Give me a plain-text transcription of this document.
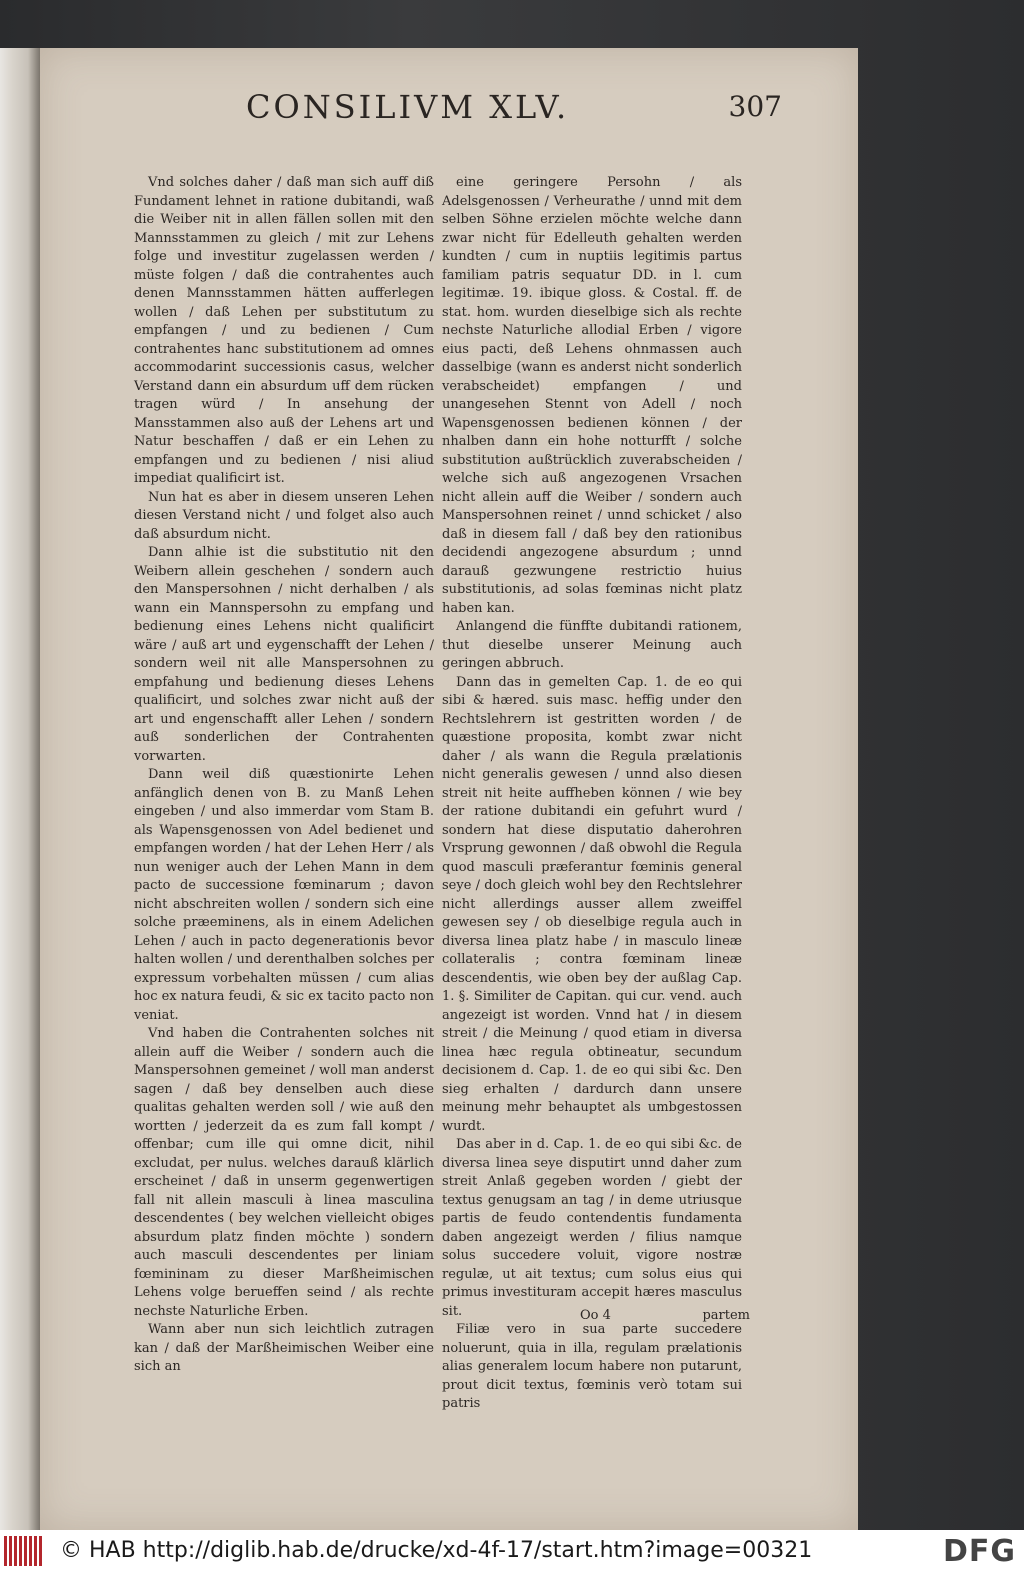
CONSILIVM XLV.	307

Vnd solches daher / daß man sich auff diß Fundament lehnet in ratione dubitandi, waß die Weiber nit in allen fällen sollen mit den Mannsstammen zu gleich / mit zur Lehens folge und investitur zugelassen werden / müste folgen / daß die contrahentes auch denen Mannsstammen hätten aufferlegen wollen / daß Lehen per substitutum zu empfangen / und zu bedienen / Cum contrahentes hanc substitutionem ad omnes accommodarint successionis casus, welcher Verstand dann ein absurdum uff dem rücken tragen würd / In ansehung der Mansstammen also auß der Lehens art und Natur beschaffen / daß er ein Lehen zu empfangen und zu bedienen / nisi aliud impediat qualificirt ist.

Nun hat es aber in diesem unseren Lehen diesen Verstand nicht / und folget also auch daß absurdum nicht.

Dann alhie ist die substitutio nit den Weibern allein geschehen / sondern auch den Manspersohnen / nicht derhalben / als wann ein Mannspersohn zu empfang und bedienung eines Lehens nicht qualificirt wäre / auß art und eygenschafft der Lehen / sondern weil nit alle Manspersohnen zu empfahung und bedienung dieses Lehens qualificirt, und solches zwar nicht auß der art und engenschafft aller Lehen / sondern auß sonderlichen der Contrahenten vorwarten.

Dann weil diß quæstionirte Lehen anfänglich denen von B. zu Manß Lehen eingeben / und also immerdar vom Stam B. als Wapensgenossen von Adel bedienet und empfangen worden / hat der Lehen Herr / als nun weniger auch der Lehen Mann in dem pacto de successione fœminarum ; davon nicht abschreiten wollen / sondern sich eine solche præeminens, als in einem Adelichen Lehen / auch in pacto degenerationis bevor halten wollen / und derenthalben solches per expressum vorbehalten müssen / cum alias hoc ex natura feudi, & sic ex tacito pacto non veniat.

Vnd haben die Contrahenten solches nit allein auff die Weiber / sondern auch die Manspersohnen gemeinet / woll man anderst sagen / daß bey denselben auch diese qualitas gehalten werden soll / wie auß den wortten / jederzeit da es zum fall kompt / offenbar; cum ille qui omne dicit, nihil excludat, per nulus. welches darauß klärlich erscheinet / daß in unserm gegenwertigen fall nit allein masculi à linea masculina descendentes ( bey welchen vielleicht obiges absurdum platz finden möchte ) sondern auch masculi descendentes per liniam fœmininam zu dieser Marßheimischen Lehens volge berueffen seind / als rechte nechste Naturliche Erben.

Wann aber nun sich leichtlich zutragen kan / daß der Marßheimischen Weiber eine sich an

eine geringere Persohn / als Adelsgenossen / Verheurathe / unnd mit dem selben Söhne erzielen möchte welche dann zwar nicht für Edelleuth gehalten werden kundten / cum in nuptiis legitimis partus familiam patris sequatur DD. in l. cum legitimæ. 19. ibique gloss. & Costal. ff. de stat. hom. wurden dieselbige sich als rechte nechste Naturliche allodial Erben / vigore eius pacti, deß Lehens ohnmassen auch dasselbige (wann es anderst nicht sonderlich verabscheidet) empfangen / und unangesehen Stennt von Adell / noch Wapensgenossen bedienen können / der nhalben dann ein hohe notturfft / solche substitution außtrücklich zuverabscheiden / welche sich auß angezogenen Vrsachen nicht allein auff die Weiber / sondern auch Manspersohnen reinet / unnd schicket / also daß in diesem fall / daß bey den rationibus decidendi angezogene absurdum ; unnd darauß gezwungene restrictio huius substitutionis, ad solas fœminas nicht platz haben kan.

Anlangend die fünffte dubitandi rationem, thut dieselbe unserer Meinung auch geringen abbruch.

Dann das in gemelten Cap. 1. de eo qui sibi & hæred. suis masc. heffig under den Rechtslehrern ist gestritten worden / de quæstione proposita, kombt zwar nicht daher / als wann die Regula prælationis nicht generalis gewesen / unnd also diesen streit nit heite auffheben können / wie bey der ratione dubitandi ein gefuhrt wurd / sondern hat diese disputatio daherohren Vrsprung gewonnen / daß obwohl die Regula quod masculi præferantur fœminis general seye / doch gleich wohl bey den Rechtslehrer nicht allerdings ausser allem zweiffel gewesen sey / ob dieselbige regula auch in diversa linea platz habe / in masculo lineæ collateralis ; contra fœminam lineæ descendentis, wie oben bey der außlag Cap. 1. §. Similiter de Capitan. qui cur. vend. auch angezeigt ist worden. Vnnd hat / in diesem streit / die Meinung / quod etiam in diversa linea hæc regula obtineatur, secundum decisionem d. Cap. 1. de eo qui sibi &c. Den sieg erhalten / dardurch dann unsere meinung mehr behauptet als umbgestossen wurdt.

Das aber in d. Cap. 1. de eo qui sibi &c. de diversa linea seye disputirt unnd daher zum streit Anlaß gegeben worden / giebt der textus genugsam an tag / in deme utriusque partis de feudo contendentis fundamenta daben angezeigt werden / filius namque solus succedere voluit, vigore nostræ regulæ, ut ait textus; cum solus eius qui primus investituram accepit hæres masculus sit.

Filiæ vero in sua parte succedere noluerunt, quia in illa, regulam prælationis alias generalem locum habere non putarunt, prout dicit textus, fœminis verò totam sui patris

Oo 4	partem
© HAB http://diglib.hab.de/drucke/xd-4f-17/start.htm?image=00321	DFG
